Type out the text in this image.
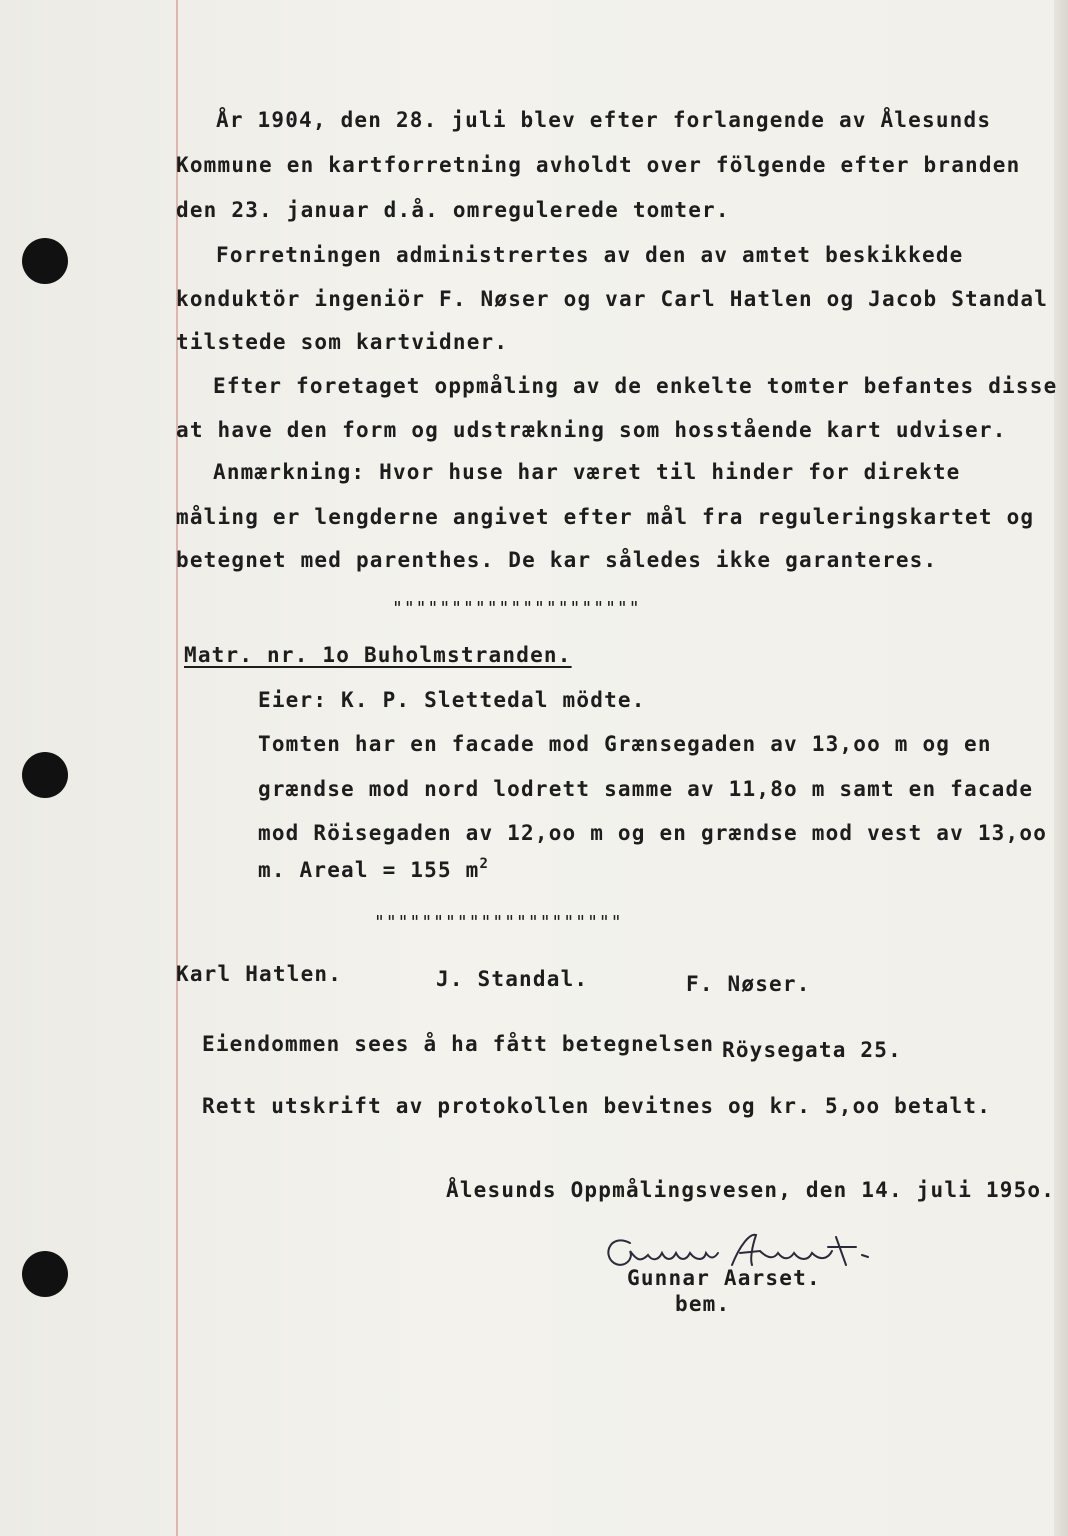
År 1904, den 28. juli blev efter forlangende av Ålesunds
Kommune en kartforretning avholdt over fölgende efter branden
den 23. januar d.å. omregulerede tomter.
Forretningen administrertes av den av amtet beskikkede
konduktör ingeniör F. Nøser og var Carl Hatlen og Jacob Standal
tilstede som kartvidner.
Efter foretaget oppmåling av de enkelte tomter befantes disse
at have den form og udstrækning som hosstående kart udviser.
Anmærkning: Hvor huse har været til hinder for direkte
måling er lengderne angivet efter mål fra reguleringskartet og
betegnet med parenthes. De kar således ikke garanteres.
"""""""""""""""""""""
Matr. nr. 1o Buholmstranden.
Eier: K. P. Slettedal mödte.
Tomten har en facade mod Grænsegaden av 13,oo m og en
grændse mod nord lodrett samme av 11,8o m samt en facade
mod Röisegaden av 12,oo m og en grændse mod vest av 13,oo
m. Areal = 155 $m^2$
"""""""""""""""""""""
Karl Hatlen.	J. Standal.	F. Nøser.
Eiendommen sees å ha fått betegnelsen Röysegata 25.
Rett utskrift av protokollen bevitnes og kr. 5,oo betalt.
Ålesunds Oppmålingsvesen, den 14. juli 195o.
Gunnar Aarset.
bem.
